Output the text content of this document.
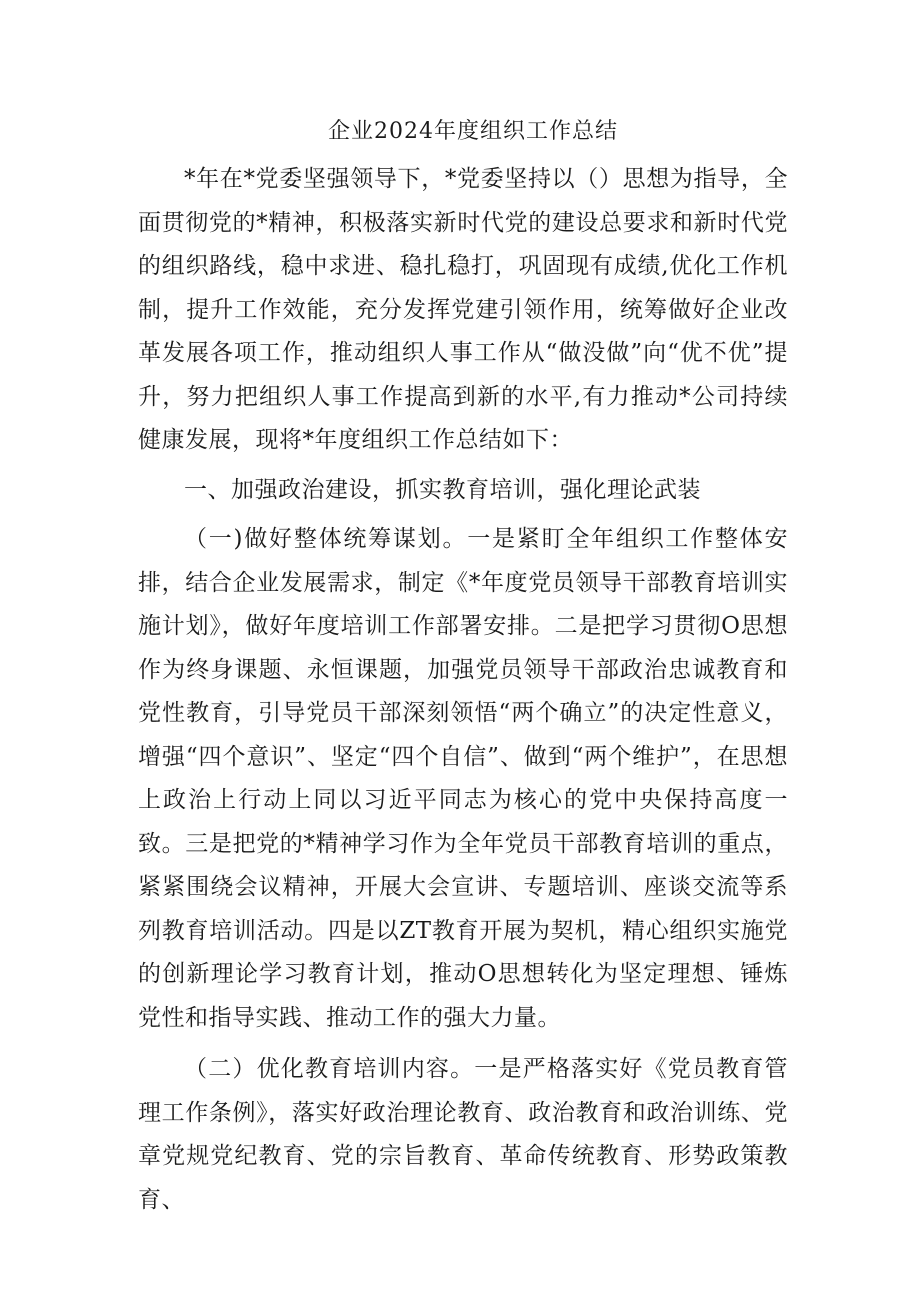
企业2024年度组织工作总结

*年在*党委坚强领导下，*党委坚持以（）思想为指导，全面贯彻党的*精神，积极落实新时代党的建设总要求和新时代党的组织路线，稳中求进、稳扎稳打，巩固现有成绩,优化工作机制，提升工作效能，充分发挥党建引领作用，统筹做好企业改革发展各项工作，推动组织人事工作从“做没做”向“优不优”提升，努力把组织人事工作提高到新的水平,有力推动*公司持续健康发展，现将*年度组织工作总结如下：

一、加强政治建设，抓实教育培训，强化理论武装

（一)做好整体统筹谋划。一是紧盯全年组织工作整体安排，结合企业发展需求，制定《*年度党员领导干部教育培训实施计划》，做好年度培训工作部署安排。二是把学习贯彻O思想作为终身课题、永恒课题，加强党员领导干部政治忠诚教育和党性教育，引导党员干部深刻领悟“两个确立”的决定性意义，增强“四个意识”、坚定“四个自信”、做到“两个维护”，在思想上政治上行动上同以习近平同志为核心的党中央保持高度一致。三是把党的*精神学习作为全年党员干部教育培训的重点，紧紧围绕会议精神，开展大会宣讲、专题培训、座谈交流等系列教育培训活动。四是以ZT教育开展为契机，精心组织实施党的创新理论学习教育计划，推动O思想转化为坚定理想、锤炼党性和指导实践、推动工作的强大力量。

（二）优化教育培训内容。一是严格落实好《党员教育管理工作条例》，落实好政治理论教育、政治教育和政治训练、党章党规党纪教育、党的宗旨教育、革命传统教育、形势政策教育、
